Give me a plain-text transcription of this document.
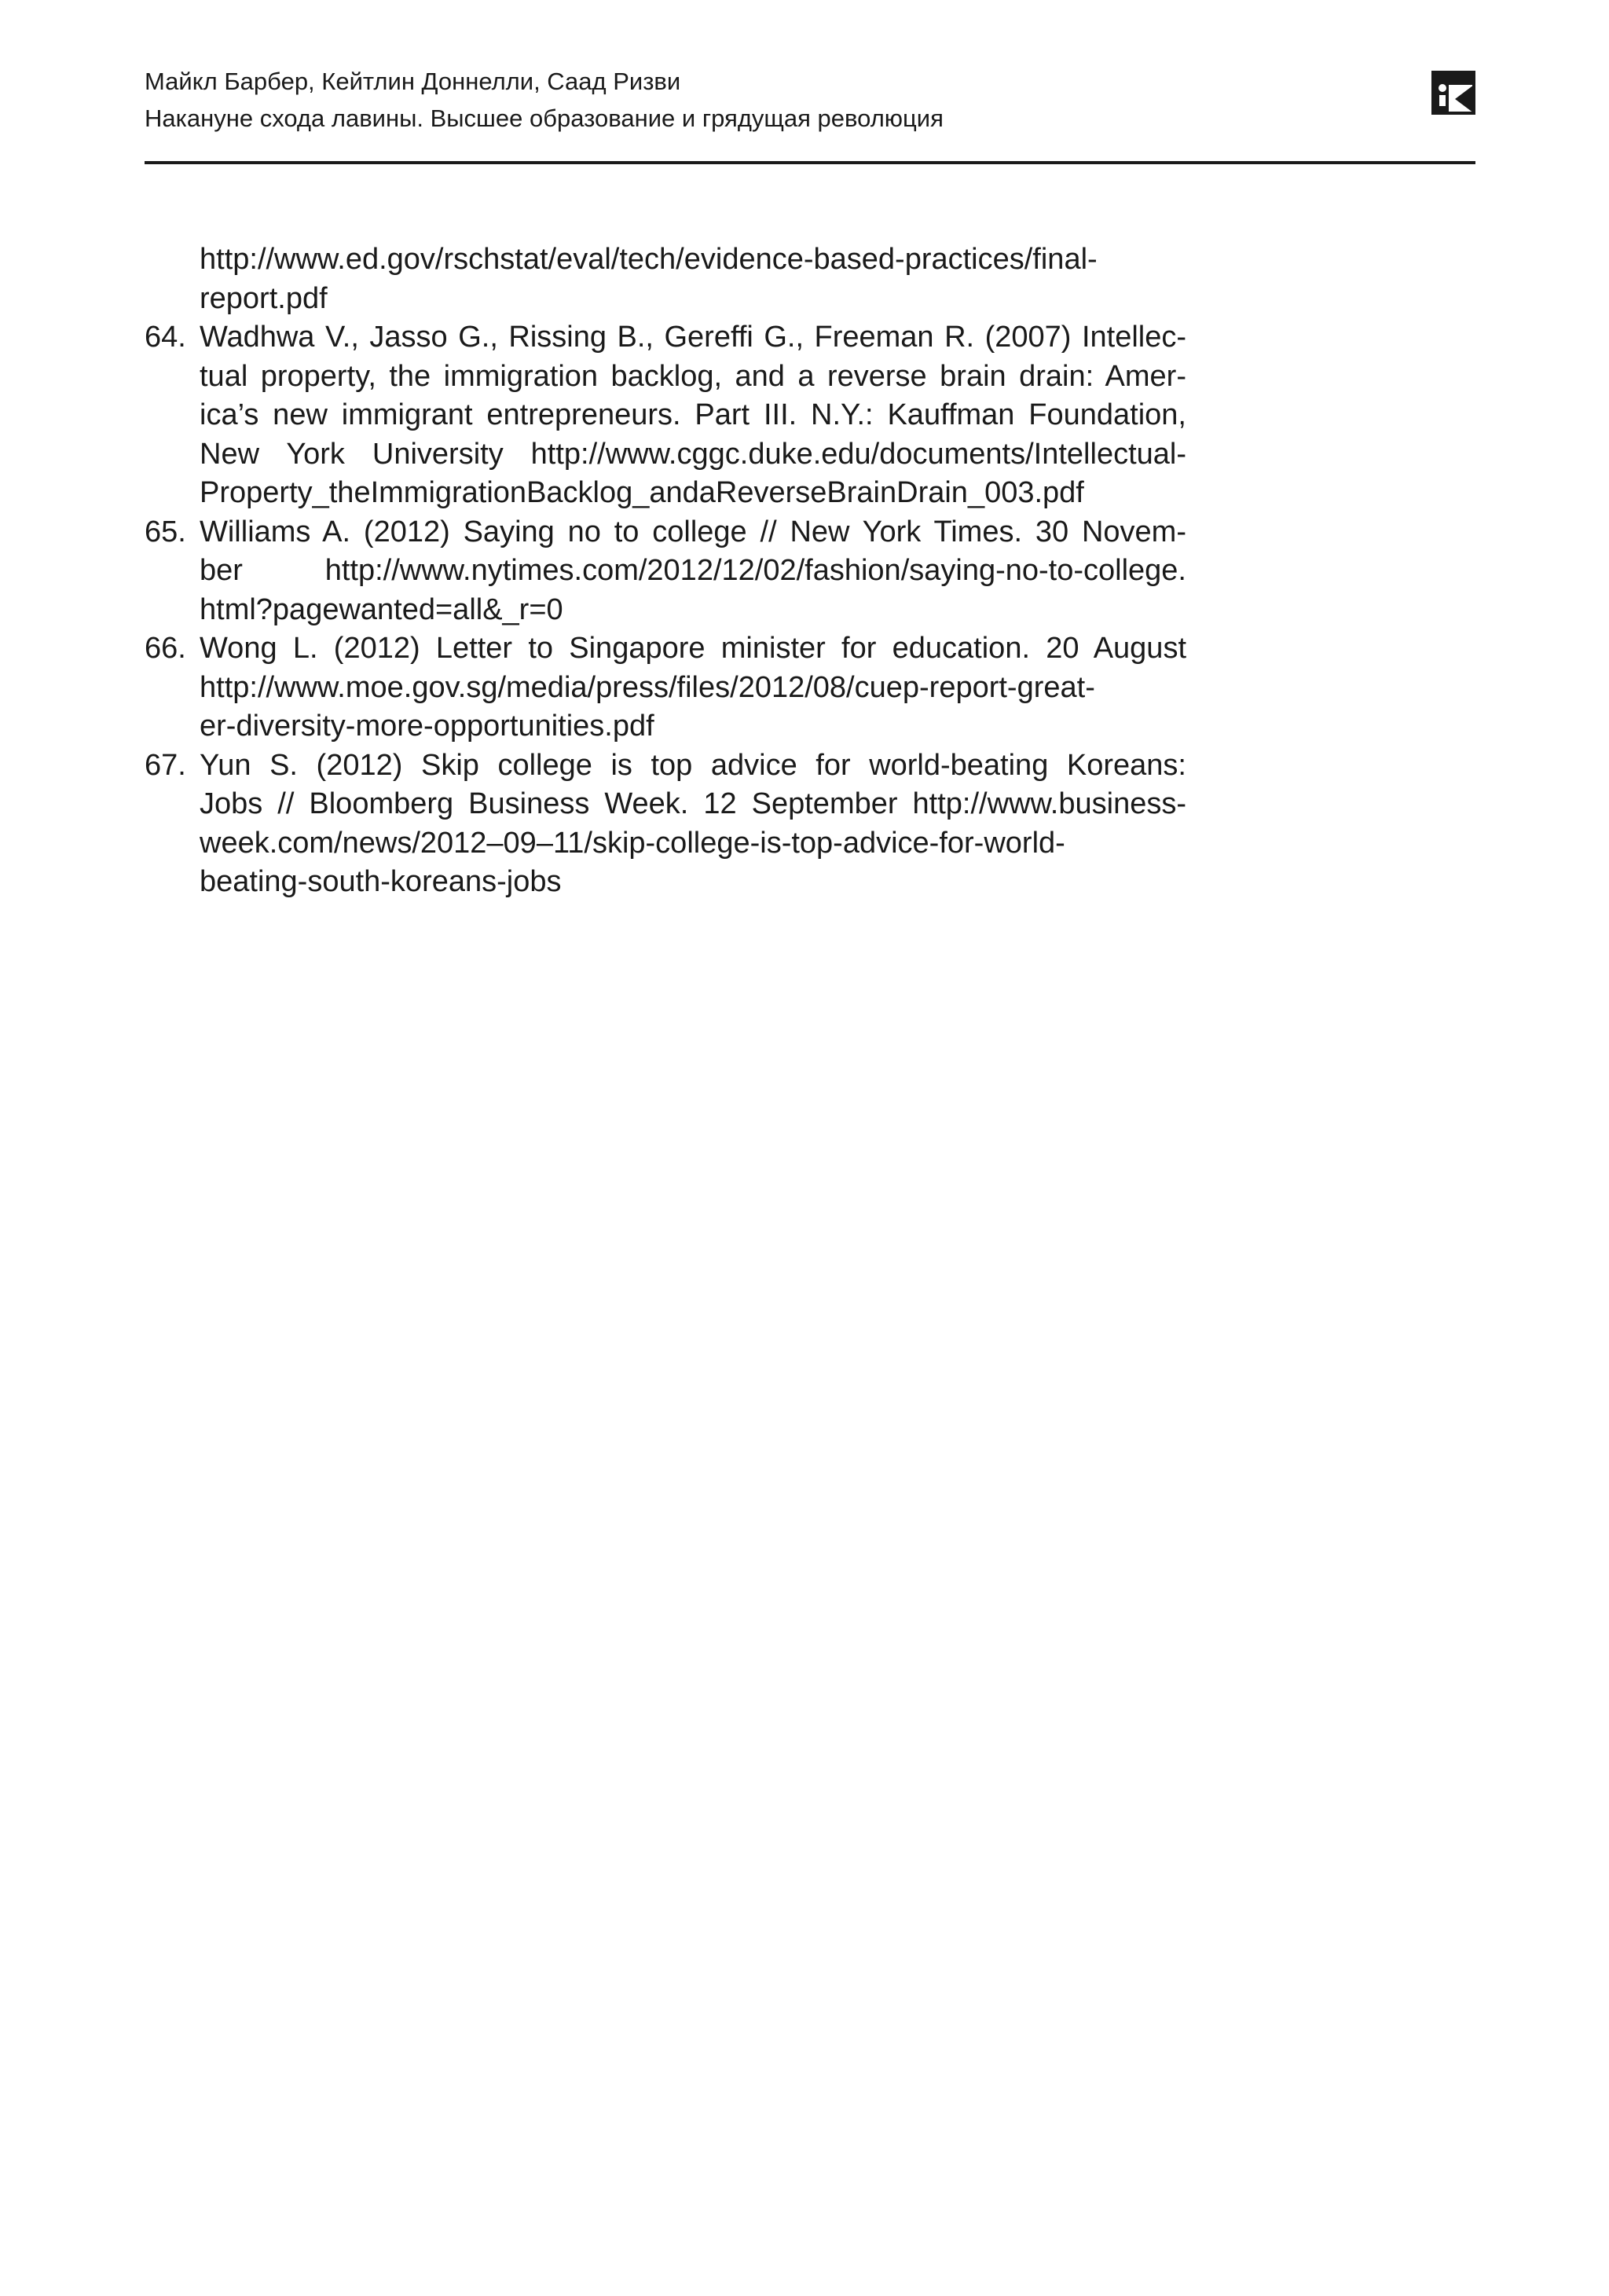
Майкл Барбер, Кейтлин Доннелли, Саад Ризви
Накануне схода лавины. Высшее образование и грядущая революция
http://www.ed.gov/rschstat/eval/tech/evidence-based-practices/final-
report.pdf
64. Wadhwa V., Jasso G., Rissing B., Gereffi G., Freeman R. (2007) Intellec-
tual property, the immigration backlog, and a reverse brain drain: Amer-
ica’s new immigrant entrepreneurs. Part III. N.Y.: Kauffman Foundation,
New York University http://www.cggc.duke.edu/documents/Intellectual-
Property_theImmigrationBacklog_andaReverseBrainDrain_003.pdf
65. Williams A. (2012) Saying no to college // New York Times. 30 Novem-
ber http://www.nytimes.com/2012/12/02/fashion/saying-no-to-college.
html?pagewanted=all&_r=0
66. Wong L. (2012) Letter to Singapore minister for education. 20 August
http://www.moe.gov.sg/media/press/files/2012/08/cuep-report-great-
er-diversity-more-opportunities.pdf
67. Yun S. (2012) Skip college is top advice for world-beating Koreans:
Jobs // Bloomberg Business Week. 12 September http://www.business-
week.com/news/2012–09–11/skip-college-is-top-advice-for-world-
beating-south-koreans-jobs
